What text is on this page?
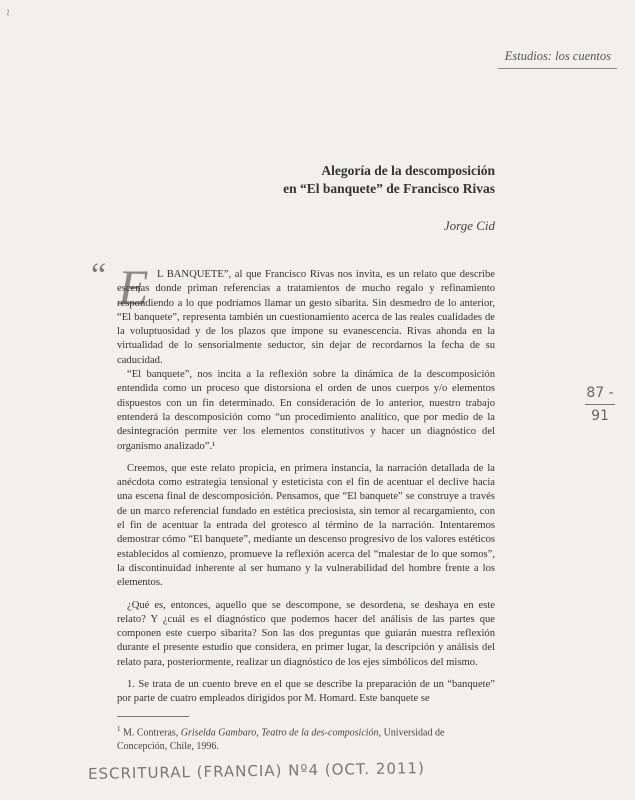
≀
Estudios: los cuentos
Alegoría de la descomposición
en “El banquete” de Francisco Rivas
Jorge Cid
“ E L BANQUETE”, al que Francisco Rivas nos invita, es un relato que describe escenas donde priman referencias a tratamientos de mucho regalo y refinamiento respondiendo a lo que podríamos llamar un gesto sibarita. Sin desmedro de lo anterior, “El banquete”, representa también un cuestionamiento acerca de las reales cualidades de la voluptuosidad y de los plazos que impone su evanescencia. Rivas ahonda en la virtualidad de lo sensorialmente seductor, sin dejar de recordarnos la fecha de su caducidad.

“El banquete”, nos incita a la reflexión sobre la dinámica de la descomposición entendida como un proceso que distorsiona el orden de unos cuerpos y/o elementos dispuestos con un fin determinado. En consideración de lo anterior, nuestro trabajo entenderá la descomposición como “un procedimiento analítico, que por medio de la desintegración permite ver los elementos constitutivos y hacer un diagnóstico del organismo analizado”.¹

Creemos, que este relato propicia, en primera instancia, la narración detallada de la anécdota como estrategia tensional y esteticista con el fin de acentuar el declive hacia una escena final de descomposición. Pensamos, que “El banquete” se construye a través de un marco referencial fundado en estética preciosista, sin temor al recargamiento, con el fin de acentuar la entrada del grotesco al término de la narración. Intentaremos demostrar cómo “El banquete”, mediante un descenso progresivo de los valores estéticos establecidos al comienzo, promueve la reflexión acerca del “malestar de lo que somos”, la discontinuidad inherente al ser humano y la vulnerabilidad del hombre frente a los elementos.

¿Qué es, entonces, aquello que se descompone, se desordena, se deshaya en este relato? Y ¿cuál es el diagnóstico que podemos hacer del análisis de las partes que componen este cuerpo sibarita? Son las dos preguntas que guiarán nuestra reflexión durante el presente estudio que considera, en primer lugar, la descripción y análisis del relato para, posteriormente, realizar un diagnóstico de los ejes simbólicos del mismo.

1. Se trata de un cuento breve en el que se describe la preparación de un “banquete” por parte de cuatro empleados dirigidos por M. Homard. Este banquete se

87 -
91
$^1$ M. Contreras, Griselda Gambaro, Teatro de la des-composición, Universidad de Concepción, Chile, 1996.
ESCRITURAL (FRANCIA) Nº4 (OCT. 2011)
